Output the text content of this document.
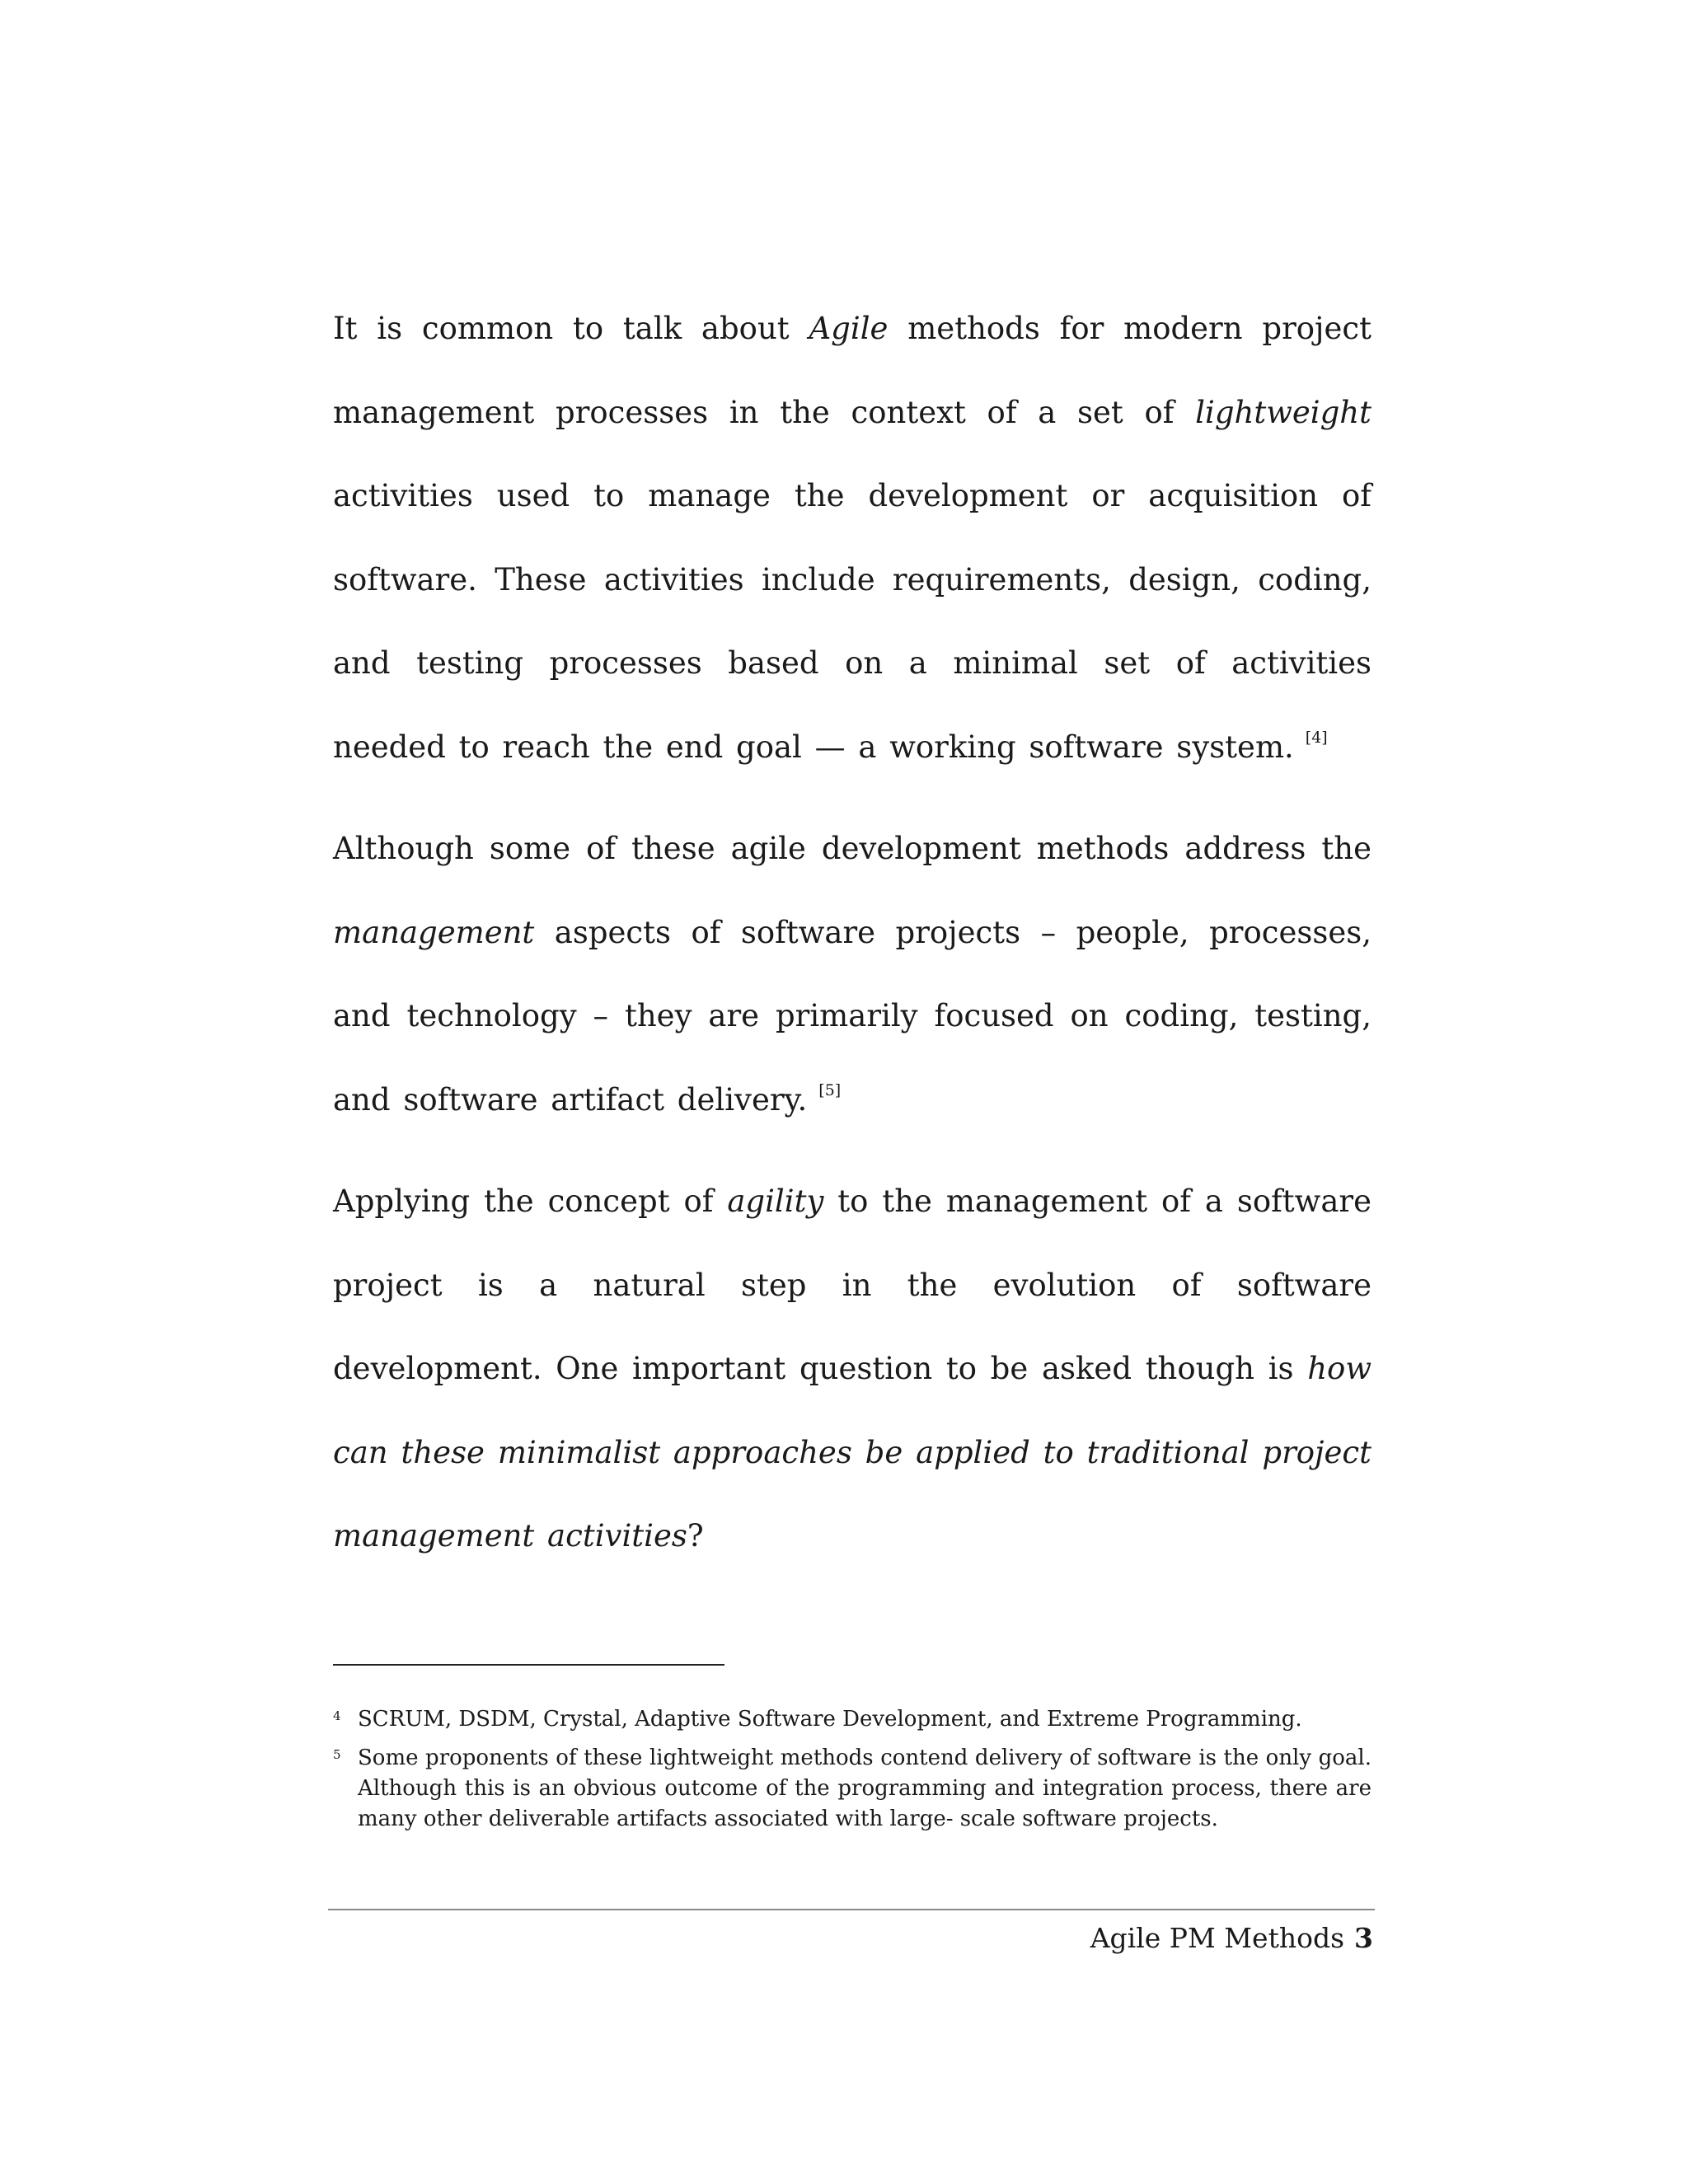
It is common to talk about Agile methods for modern project management processes in the context of a set of lightweight activities used to manage the development or acquisition of software. These activities include requirements, design, coding, and testing processes based on a minimal set of activities needed to reach the end goal — a working software system. [4]

Although some of these agile development methods address the management aspects of software projects – people, processes, and technology – they are primarily focused on coding, testing, and software artifact delivery. [5]

Applying the concept of agility to the management of a software project is a natural step in the evolution of software development. One important question to be asked though is how can these minimalist approaches be applied to traditional project management activities?

4 SCRUM, DSDM, Crystal, Adaptive Software Development, and Extreme Programming.
5 Some proponents of these lightweight methods contend delivery of software is the only goal. Although this is an obvious outcome of the programming and integration process, there are many other deliverable artifacts associated with large- scale software projects.
Agile PM Methods 3
